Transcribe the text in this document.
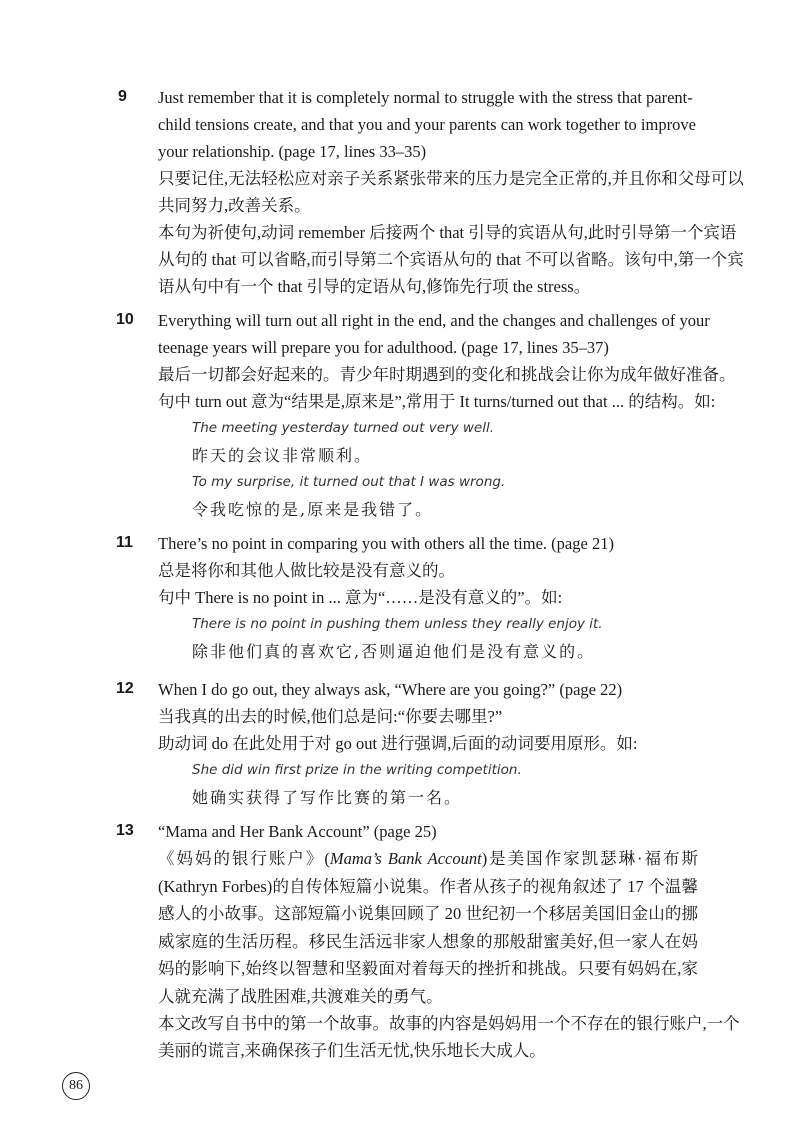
9 Just remember that it is completely normal to struggle with the stress that parent-
child tensions create, and that you and your parents can work together to improve
your relationship. (page 17, lines 33–35)
只要记住,无法轻松应对亲子关系紧张带来的压力是完全正常的,并且你和父母可以
共同努力,改善关系。
本句为祈使句,动词 remember 后接两个 that 引导的宾语从句,此时引导第一个宾语
从句的 that 可以省略,而引导第二个宾语从句的 that 不可以省略。该句中,第一个宾
语从句中有一个 that 引导的定语从句,修饰先行项 the stress。
10 Everything will turn out all right in the end, and the changes and challenges of your
teenage years will prepare you for adulthood. (page 17, lines 35–37)
最后一切都会好起来的。青少年时期遇到的变化和挑战会让你为成年做好准备。
句中 turn out 意为“结果是,原来是”,常用于 It turns/turned out that ... 的结构。如:
The meeting yesterday turned out very well.
昨天的会议非常顺利。
To my surprise, it turned out that I was wrong.
令我吃惊的是,原来是我错了。
11 There’s no point in comparing you with others all the time. (page 21)
总是将你和其他人做比较是没有意义的。
句中 There is no point in ... 意为“……是没有意义的”。如:
There is no point in pushing them unless they really enjoy it.
除非他们真的喜欢它,否则逼迫他们是没有意义的。
12 When I do go out, they always ask, “Where are you going?” (page 22)
当我真的出去的时候,他们总是问:“你要去哪里?”
助动词 do 在此处用于对 go out 进行强调,后面的动词要用原形。如:
She did win first prize in the writing competition.
她确实获得了写作比赛的第一名。
13 “Mama and Her Bank Account” (page 25)
《妈妈的银行账户》(Mama’s Bank Account)是美国作家凯瑟琳·福布斯(Kathryn Forbes)的自传体短篇小说集。作者从孩子的视角叙述了 17 个温馨感人的小故事。这部短篇小说集回顾了 20 世纪初一个移居美国旧金山的挪威家庭的生活历程。移民生活远非家人想象的那般甜蜜美好,但一家人在妈妈的影响下,始终以智慧和坚毅面对着每天的挫折和挑战。只要有妈妈在,家人就充满了战胜困难,共渡难关的勇气。
本文改写自书中的第一个故事。故事的内容是妈妈用一个不存在的银行账户,一个
美丽的谎言,来确保孩子们生活无忧,快乐地长大成人。
86
